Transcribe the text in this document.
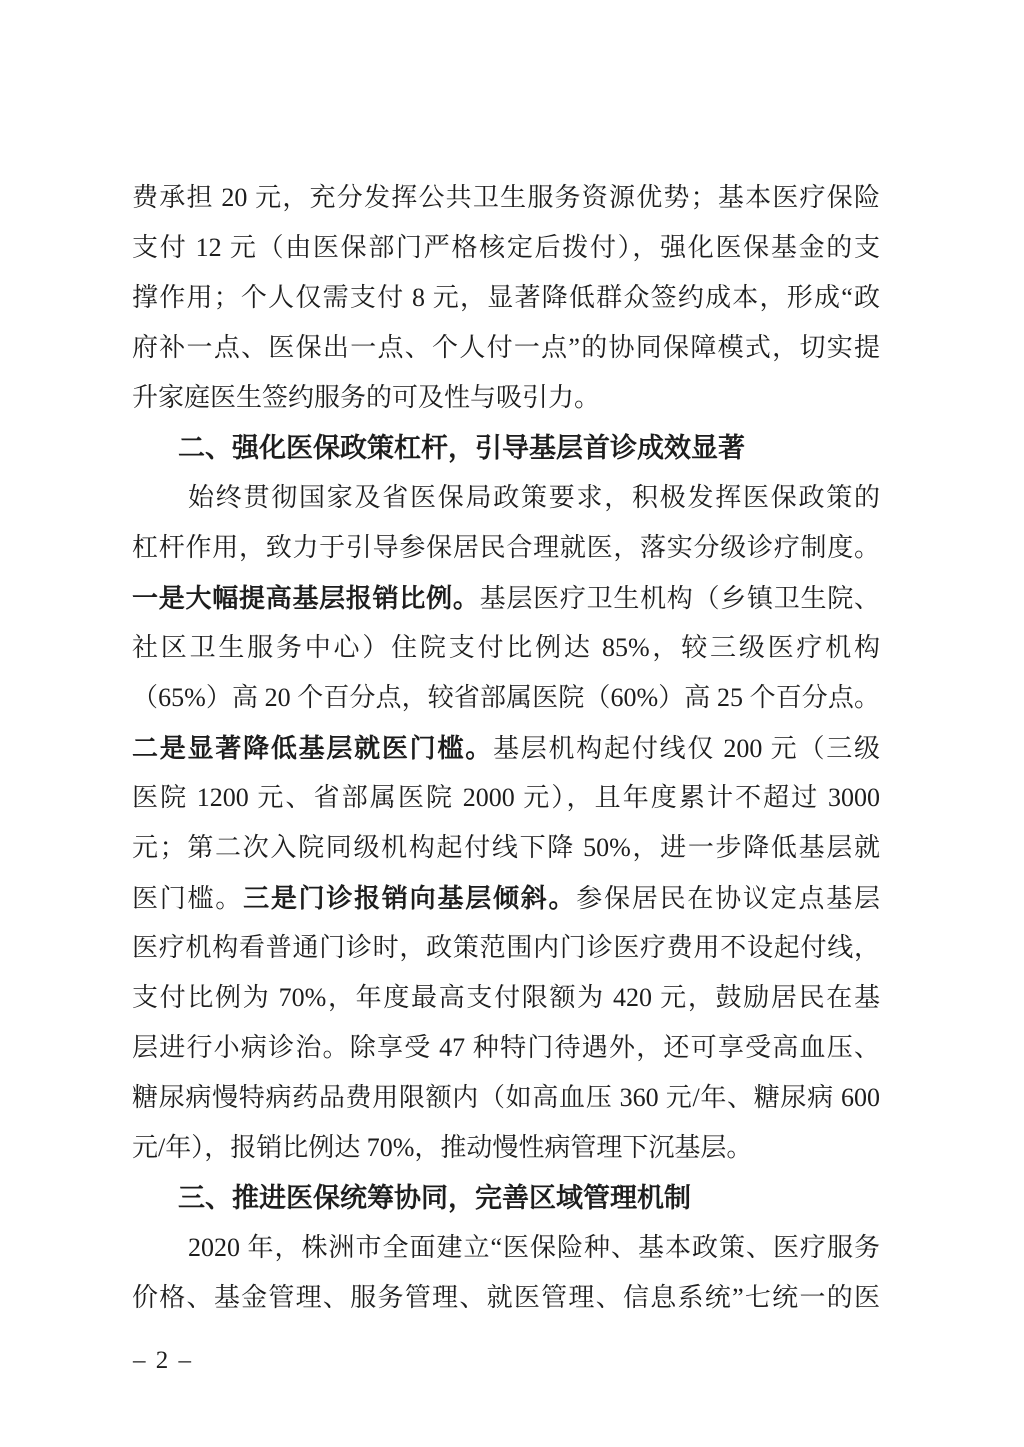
费承担 20 元，充分发挥公共卫生服务资源优势；基本医疗保险
支付 12 元（由医保部门严格核定后拨付），强化医保基金的支
撑作用；个人仅需支付 8 元，显著降低群众签约成本，形成“政
府补一点、医保出一点、个人付一点”的协同保障模式，切实提
升家庭医生签约服务的可及性与吸引力。
二、强化医保政策杠杆，引导基层首诊成效显著
始终贯彻国家及省医保局政策要求，积极发挥医保政策的
杠杆作用，致力于引导参保居民合理就医，落实分级诊疗制度。
一是大幅提高基层报销比例。基层医疗卫生机构（乡镇卫生院、
社区卫生服务中心）住院支付比例达 85%，较三级医疗机构
（65%）高 20 个百分点，较省部属医院（60%）高 25 个百分点。
二是显著降低基层就医门槛。基层机构起付线仅 200 元（三级
医院 1200 元、省部属医院 2000 元），且年度累计不超过 3000
元；第二次入院同级机构起付线下降 50%，进一步降低基层就
医门槛。三是门诊报销向基层倾斜。参保居民在协议定点基层
医疗机构看普通门诊时，政策范围内门诊医疗费用不设起付线，
支付比例为 70%，年度最高支付限额为 420 元，鼓励居民在基
层进行小病诊治。除享受 47 种特门待遇外，还可享受高血压、
糖尿病慢特病药品费用限额内（如高血压 360 元/年、糖尿病 600
元/年），报销比例达 70%，推动慢性病管理下沉基层。
三、推进医保统筹协同，完善区域管理机制
2020 年，株洲市全面建立“医保险种、基本政策、医疗服务
价格、基金管理、服务管理、就医管理、信息系统”七统一的医
– 2 –
